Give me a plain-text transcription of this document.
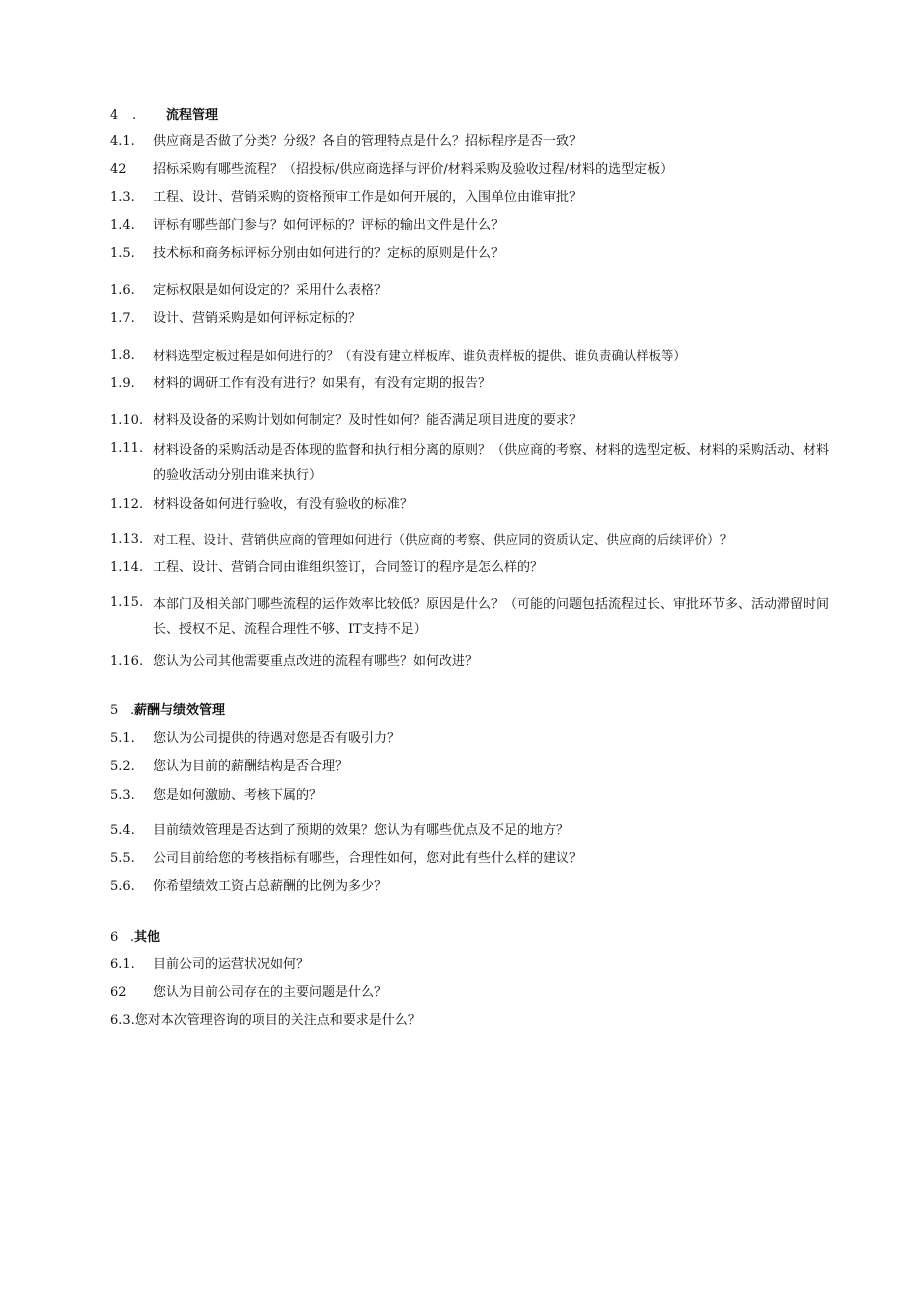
4 . 流程管理
4.1. 供应商是否做了分类？分级？各自的管理特点是什么？招标程序是否一致？
42 招标采购有哪些流程？（招投标/供应商选择与评价/材料采购及验收过程/材料的选型定板）
1.3. 工程、设计、营销采购的资格预审工作是如何开展的，入围单位由谁审批？
1.4. 评标有哪些部门参与？如何评标的？评标的输出文件是什么？
1.5. 技术标和商务标评标分别由如何进行的？定标的原则是什么？
1.6. 定标权限是如何设定的？采用什么表格？
1.7. 设计、营销采购是如何评标定标的？
1.8. 材料选型定板过程是如何进行的？（有没有建立样板库、谁负责样板的提供、谁负责确认样板等）
1.9. 材料的调研工作有没有进行？如果有，有没有定期的报告？
1.10. 材料及设备的采购计划如何制定？及时性如何？能否满足项目进度的要求？
1.11. 材料设备的采购活动是否体现的监督和执行相分离的原则？（供应商的考察、材料的选型定板、材料的采购活动、材料的验收活动分别由谁来执行）
1.12. 材料设备如何进行验收，有没有验收的标准？
1.13. 对工程、设计、营销供应商的管理如何进行（供应商的考察、供应同的资质认定、供应商的后续评价）？
1.14. 工程、设计、营销合同由谁组织签订，合同签订的程序是怎么样的？
1.15. 本部门及相关部门哪些流程的运作效率比较低？原因是什么？（可能的问题包括流程过长、审批环节多、活动滞留时间长、授权不足、流程合理性不够、IT支持不足）
1.16. 您认为公司其他需要重点改进的流程有哪些？如何改进？
5 .薪酬与绩效管理
5.1. 您认为公司提供的待遇对您是否有吸引力？
5.2. 您认为目前的薪酬结构是否合理？
5.3. 您是如何激励、考核下属的？
5.4. 目前绩效管理是否达到了预期的效果？您认为有哪些优点及不足的地方？
5.5. 公司目前给您的考核指标有哪些，合理性如何，您对此有些什么样的建议？
5.6. 你希望绩效工资占总薪酬的比例为多少？
6 .其他
6.1. 目前公司的运营状况如何？
62 您认为目前公司存在的主要问题是什么？
6.3.您对本次管理咨询的项目的关注点和要求是什么？
